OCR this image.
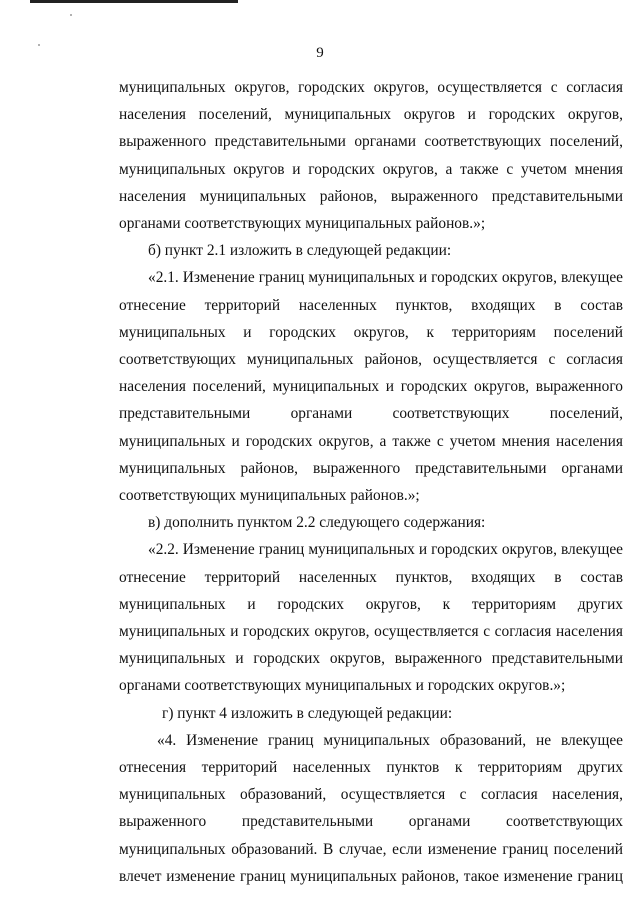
9

муниципальных округов, городских округов, осуществляется с согласия населения поселений, муниципальных округов и городских округов, выраженного представительными органами соответствующих поселений, муниципальных округов и городских округов, а также с учетом мнения населения муниципальных районов, выраженного представительными органами соответствующих муниципальных районов.»;

б) пункт 2.1 изложить в следующей редакции:

«2.1. Изменение границ муниципальных и городских округов, влекущее отнесение территорий населенных пунктов, входящих в состав муниципальных и городских округов, к территориям поселений соответствующих муниципальных районов, осуществляется с согласия населения поселений, муниципальных и городских округов, выраженного представительными органами соответствующих поселений, муниципальных и городских округов, а также с учетом мнения населения муниципальных районов, выраженного представительными органами соответствующих муниципальных районов.»;

в) дополнить пунктом 2.2 следующего содержания:

«2.2. Изменение границ муниципальных и городских округов, влекущее отнесение территорий населенных пунктов, входящих в состав муниципальных и городских округов, к территориям других муниципальных и городских округов, осуществляется с согласия населения муниципальных и городских округов, выраженного представительными органами соответствующих муниципальных и городских округов.»;

г) пункт 4 изложить в следующей редакции:

«4. Изменение границ муниципальных образований, не влекущее отнесения территорий населенных пунктов к территориям других муниципальных образований, осуществляется с согласия населения, выраженного представительными органами соответствующих муниципальных образований. В случае, если изменение границ поселений влечет изменение границ муниципальных районов, такое изменение границ
